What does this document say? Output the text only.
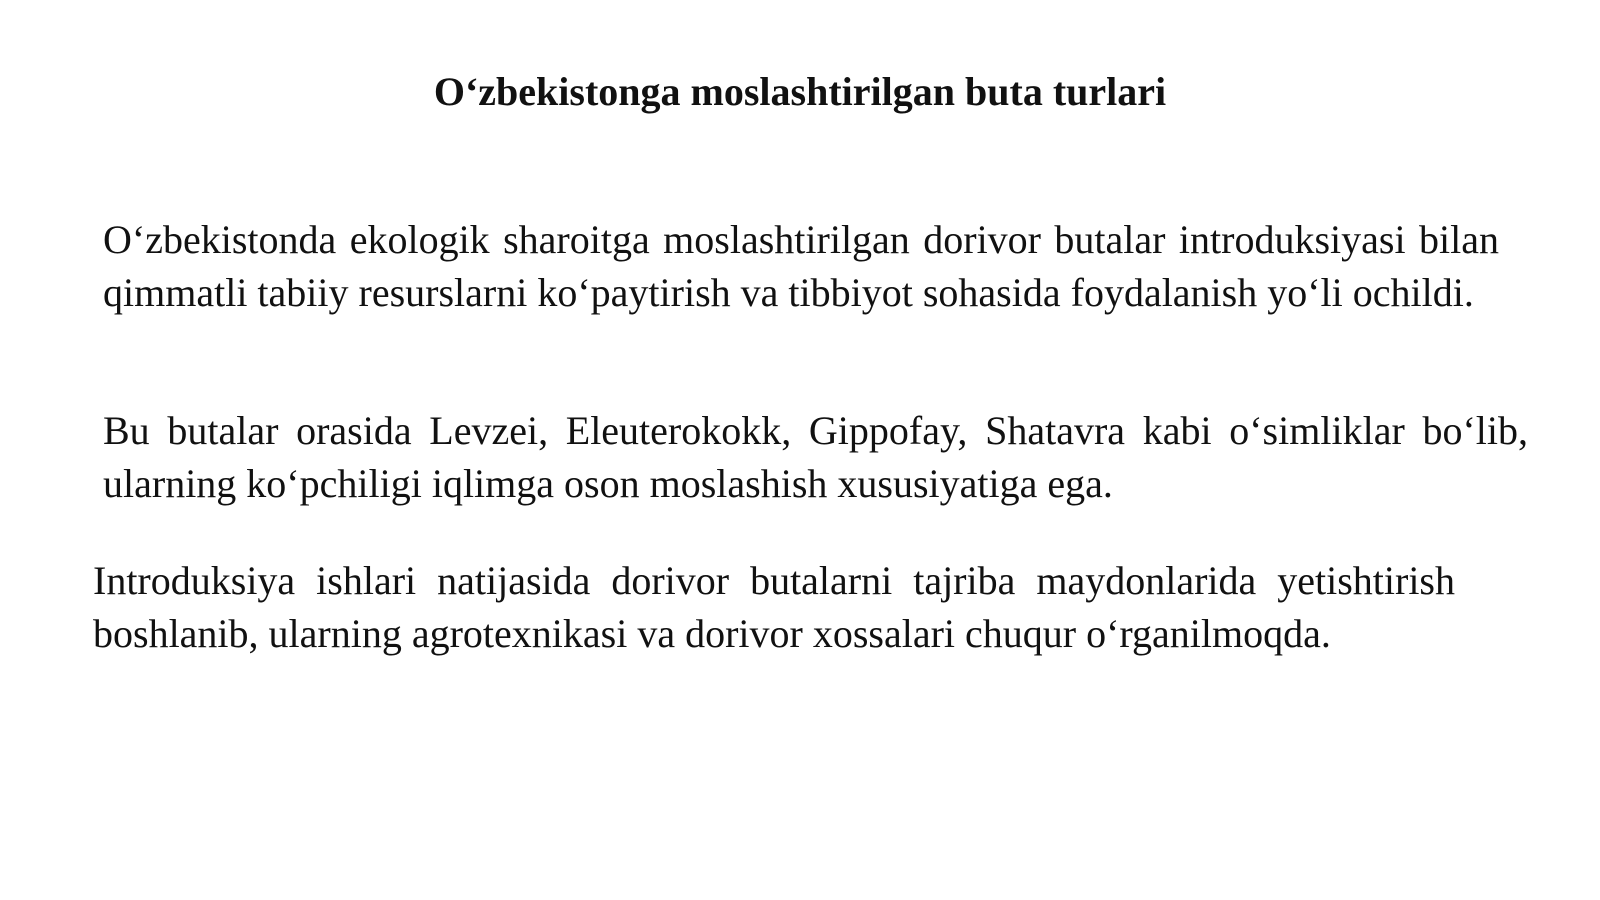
O‘zbekistonga moslashtirilgan buta turlari

O‘zbekistonda ekologik sharoitga moslashtirilgan dorivor butalar introduksiyasi bilan qimmatli tabiiy resurslarni ko‘paytirish va tibbiyot sohasida foydalanish yo‘li ochildi.

Bu butalar orasida Levzei, Eleuterokokk, Gippofay, Shatavra kabi o‘simliklar bo‘lib, ularning ko‘pchiligi iqlimga oson moslashish xususiyatiga ega.

Introduksiya ishlari natijasida dorivor butalarni tajriba maydonlarida yetishtirish boshlanib, ularning agrotexnikasi va dorivor xossalari chuqur o‘rganilmoqda.
